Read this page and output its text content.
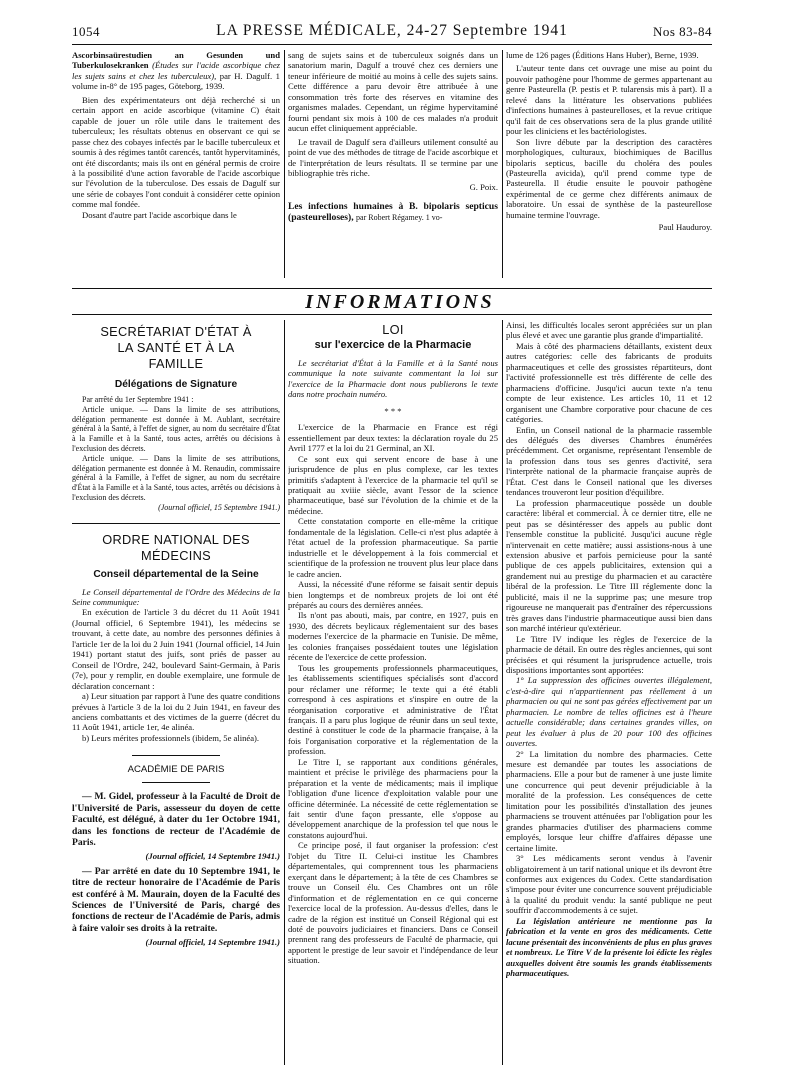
1054	LA PRESSE MÉDICALE, 24-27 Septembre 1941	Nos 83-84

Ascorbinsaürestudien an Gesunden und Tuberkulosekranken (Études sur l'acide ascorbique chez les sujets sains et chez les tuberculeux), par H. Dagulf. 1 volume in-8° de 195 pages, Göteborg, 1939.

Bien des expérimentateurs ont déjà recherché si un certain apport en acide ascorbique (vitamine C) était capable de jouer un rôle utile dans le traitement des tuberculeux; les résultats obtenus en observant ce qui se passe chez des cobayes infectés par le bacille tuberculeux et soumis à des régimes tantôt carencés, tantôt hypervitaminés, ont été discordants; mais ils ont en général permis de croire à la possibilité d'une action favorable de l'acide ascorbique sur l'évolution de la tuberculose. Des essais de Dagulf sur une série de cobayes l'ont conduit à considérer cette opinion comme mal fondée.

Dosant d'autre part l'acide ascorbique dans le

sang de sujets sains et de tuberculeux soignés dans un sanatorium marin, Dagulf a trouvé chez ces derniers une teneur inférieure de moitié au moins à celle des sujets sains. Cette différence a paru devoir être attribuée à une consommation très forte des réserves en vitamine des organismes malades. Cependant, un régime hypervitaminé fourni pendant six mois à 100 de ces malades n'a produit aucun effet cliniquement appréciable.

Le travail de Dagulf sera d'ailleurs utilement consulté au point de vue des méthodes de titrage de l'acide ascorbique et de l'interprétation de leurs résultats. Il se termine par une bibliographie très riche.

G. Poix.

Les infections humaines à B. bipolaris septicus (pasteurelloses), par Robert Régamey. 1 vo-

lume de 126 pages (Éditions Hans Huber), Berne, 1939.

L'auteur tente dans cet ouvrage une mise au point du pouvoir pathogène pour l'homme de germes appartenant au genre Pasteurella (P. pestis et P. tularensis mis à part). Il a relevé dans la littérature les observations publiées d'infections humaines à pasteurelloses, et la revue critique qu'il fait de ces observations sera de la plus grande utilité pour les cliniciens et les bactériologistes.

Son livre débute par la description des caractères morphologiques, culturaux, biochimiques de Bacillus bipolaris septicus, bacille du choléra des poules (Pasteurella avicida), qu'il prend comme type de Pasteurella. Il étudie ensuite le pouvoir pathogène expérimental de ce germe chez différents animaux de laboratoire. Un essai de synthèse de la pasteurellose humaine termine l'ouvrage.

Paul Hauduroy.

INFORMATIONS
SECRÉTARIAT D'ÉTAT À LA SANTÉ ET À LA FAMILLE
Délégations de Signature

Par arrêté du 1er Septembre 1941 :

Article unique. — Dans la limite de ses attributions, délégation permanente est donnée à M. Aublant, secrétaire général à la Santé, à l'effet de signer, au nom du secrétaire d'État à la Famille et à la Santé, tous actes, arrêtés ou décisions à l'exclusion des décrets.

Article unique. — Dans la limite de ses attributions, délégation permanente est donnée à M. Renaudin, commissaire général à la Famille, à l'effet de signer, au nom du secrétaire d'État à la Famille et à la Santé, tous actes, arrêtés ou décisions à l'exclusion des décrets.

(Journal officiel, 15 Septembre 1941.)

ORDRE NATIONAL DES MÉDECINS
Conseil départemental de la Seine

Le Conseil départemental de l'Ordre des Médecins de la Seine communique:

En exécution de l'article 3 du décret du 11 Août 1941 (Journal officiel, 6 Septembre 1941), les médecins se trouvant, à cette date, au nombre des personnes définies à l'article 1er de la loi du 2 Juin 1941 (Journal officiel, 14 Juin 1941) portant statut des juifs, sont priés de passer au Conseil de l'Ordre, 242, boulevard Saint-Germain, à Paris (7e), pour y remplir, en double exemplaire, une formule de déclaration concernant :

a) Leur situation par rapport à l'une des quatre conditions prévues à l'article 3 de la loi du 2 Juin 1941, en faveur des anciens combattants et des victimes de la guerre (décret du 11 Août 1941, article 1er, 4e alinéa.

b) Leurs mérites professionnels (ibidem, 5e alinéa).

ACADÉMIE DE PARIS

— M. Gidel, professeur à la Faculté de Droit de l'Université de Paris, assesseur du doyen de cette Faculté, est délégué, à dater du 1er Octobre 1941, dans les fonctions de recteur de l'Académie de Paris.

(Journal officiel, 14 Septembre 1941.)

— Par arrêté en date du 10 Septembre 1941, le titre de recteur honoraire de l'Académie de Paris est conféré à M. Maurain, doyen de la Faculté des Sciences de l'Université de Paris, chargé des fonctions de recteur de l'Académie de Paris, admis à faire valoir ses droits à la retraite.

(Journal officiel, 14 Septembre 1941.)

LOI
sur l'exercice de la Pharmacie

Le secrétariat d'État à la Famille et à la Santé nous communique la note suivante commentant la loi sur l'exercice de la Pharmacie dont nous publierons le texte dans notre prochain numéro.

* * *

L'exercice de la Pharmacie en France est régi essentiellement par deux textes: la déclaration royale du 25 Avril 1777 et la loi du 21 Germinal, an XI.

Ce sont eux qui servent encore de base à une jurisprudence de plus en plus complexe, car les textes primitifs s'adaptent à l'exercice de la pharmacie tel qu'il se pratiquait au xviiie siècle, avant l'essor de la science pharmaceutique, basé sur l'évolution de la chimie et de la médecine.

Cette constatation comporte en elle-même la critique fondamentale de la législation. Celle-ci n'est plus adaptée à l'état actuel de la profession pharmaceutique. Sa partie industrielle et le développement à la fois commercial et scientifique de la profession ne trouvent plus leur place dans le cadre ancien.

Aussi, la nécessité d'une réforme se faisait sentir depuis bien longtemps et de nombreux projets de loi ont été préparés au cours des dernières années.

Ils n'ont pas abouti, mais, par contre, en 1927, puis en 1930, des décrets beylicaux réglementaient sur des bases modernes l'exercice de la pharmacie en Tunisie. De même, les colonies françaises possédaient toutes une législation récente de l'exercice de cette profession.

Tous les groupements professionnels pharmaceutiques, les établissements scientifiques spécialisés sont d'accord pour réclamer une réforme; le texte qui a été établi correspond à ces aspirations et s'inspire en outre de la réorganisation corporative et administrative de l'État français. Il a paru plus logique de réunir dans un seul texte, destiné à constituer le code de la pharmacie française, à la fois l'organisation corporative et la réglementation de la profession.

Le Titre I, se rapportant aux conditions générales, maintient et précise le privilège des pharmaciens pour la préparation et la vente de médicaments; mais il implique l'obligation d'une licence d'exploitation valable pour une officine déterminée. La nécessité de cette réglementation se fait sentir d'une façon pressante, elle s'oppose au développement anarchique de la profession tel que nous le constatons aujourd'hui.

Ce principe posé, il faut organiser la profession: c'est l'objet du Titre II. Celui-ci institue les Chambres départementales, qui comprennent tous les pharmaciens exerçant dans le département; à la tête de ces Chambres se trouve un Conseil élu. Ces Chambres ont un rôle d'information et de réglementation en ce qui concerne l'exercice local de la profession. Au-dessus d'elles, dans le cadre de la région est institué un Conseil Régional qui est doté de pouvoirs judiciaires et financiers. Dans ce Conseil prennent rang des professeurs de Faculté de pharmacie, qui apportent le prestige de leur savoir et l'indépendance de leur situation.

Ainsi, les difficultés locales seront appréciées sur un plan plus élevé et avec une garantie plus grande d'impartialité.

Mais à côté des pharmaciens détaillants, existent deux autres catégories: celle des fabricants de produits pharmaceutiques et celle des grossistes répartiteurs, dont l'activité professionnelle est très différente de celle des pharmaciens d'officine. Jusqu'ici aucun texte n'a tenu compte de leur existence. Les articles 10, 11 et 12 organisent une Chambre corporative pour chacune de ces catégories.

Enfin, un Conseil national de la pharmacie rassemble des délégués des diverses Chambres énumérées précédemment. Cet organisme, représentant l'ensemble de la profession dans tous ses genres d'activité, sera l'interprète national de la pharmacie française auprès de l'État. C'est dans le Conseil national que les diverses tendances trouveront leur position d'équilibre.

La profession pharmaceutique possède un double caractère: libéral et commercial. À ce dernier titre, elle ne peut pas se désintéresser des appels au public dont l'ensemble constitue la publicité. Jusqu'ici aucune règle n'intervenait en cette matière; aussi assistions-nous à une extension abusive et parfois pernicieuse pour la santé publique de ces appels publicitaires, extension qui a grandement nui au prestige du pharmacien et au caractère libéral de la profession. Le Titre III réglemente donc la publicité, mais il ne la supprime pas; une mesure trop rigoureuse ne manquerait pas d'entraîner des répercussions très graves dans l'industrie pharmaceutique aussi bien dans son marché intérieur qu'extérieur.

Le Titre IV indique les règles de l'exercice de la pharmacie de détail. En outre des règles anciennes, qui sont précisées et qui résument la jurisprudence actuelle, trois dispositions importantes sont apportées:

1° La suppression des officines ouvertes illégalement, c'est-à-dire qui n'appartiennent pas réellement à un pharmacien ou qui ne sont pas gérées effectivement par un pharmacien. Le nombre de telles officines est à l'heure actuelle considérable; dans certaines grandes villes, on peut les évaluer à plus de 20 pour 100 des officines ouvertes.

2° La limitation du nombre des pharmacies. Cette mesure est demandée par toutes les associations de pharmaciens. Elle a pour but de ramener à une juste limite une concurrence qui peut devenir préjudiciable à la moralité de la profession. Les conséquences de cette limitation pour les possibilités d'installation des jeunes pharmaciens se trouvent atténuées par l'obligation pour les grandes pharmacies d'utiliser des pharmaciens comme employés, lorsque leur chiffre d'affaires dépasse une certaine limite.

3° Les médicaments seront vendus à l'avenir obligatoirement à un tarif national unique et ils devront être conformes aux exigences du Codex. Cette standardisation s'impose pour éviter une concurrence souvent préjudiciable à la qualité du produit vendu: la santé publique ne peut souffrir d'accommodements à ce sujet.

La législation antérieure ne mentionne pas la fabrication et la vente en gros des médicaments. Cette lacune présentait des inconvénients de plus en plus graves et nombreux. Le Titre V de la présente loi édicte les règles auxquelles doivent être soumis les grands établissements pharmaceutiques.
